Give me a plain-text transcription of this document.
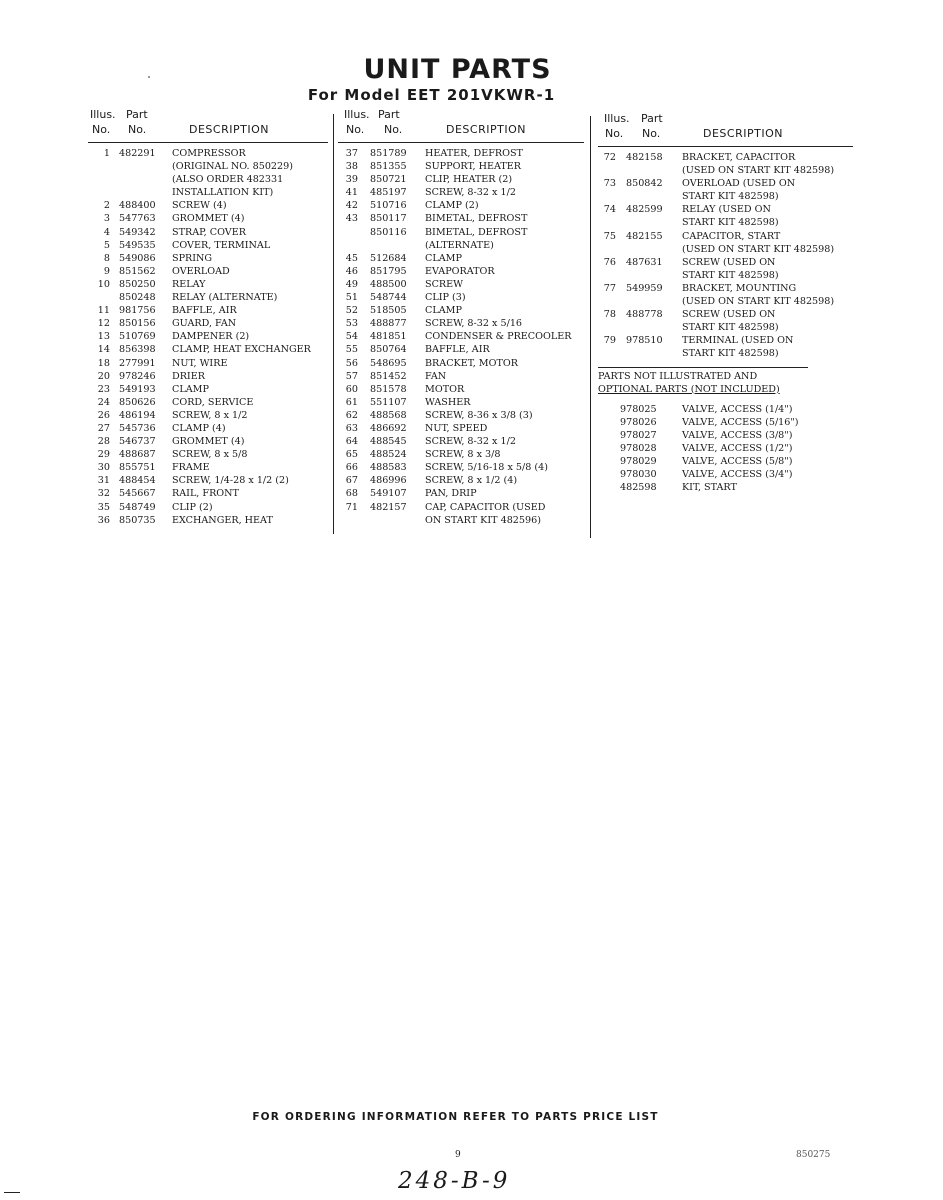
UNIT PARTS
For Model EET 201VKWR-1
Illus. Part
No. No.	DESCRIPTION
1 482291 COMPRESSOR
(ORIGINAL NO. 850229)
(ALSO ORDER 482331
INSTALLATION KIT)
2 488400 SCREW (4)
3 547763 GROMMET (4)
4 549342 STRAP, COVER
5 549535 COVER, TERMINAL
8 549086 SPRING
9 851562 OVERLOAD
10 850250 RELAY
850248 RELAY (ALTERNATE)
11 981756 BAFFLE, AIR
12 850156 GUARD, FAN
13 510769 DAMPENER (2)
14 856398 CLAMP, HEAT EXCHANGER
18 277991 NUT, WIRE
20 978246 DRIER
23 549193 CLAMP
24 850626 CORD, SERVICE
26 486194 SCREW, 8 x 1/2
27 545736 CLAMP (4)
28 546737 GROMMET (4)
29 488687 SCREW, 8 x 5/8
30 855751 FRAME
31 488454 SCREW, 1/4-28 x 1/2 (2)
32 545667 RAIL, FRONT
35 548749 CLIP (2)
36 850735 EXCHANGER, HEAT
Illus. Part
No. No.	DESCRIPTION
37 851789 HEATER, DEFROST
38 851355 SUPPORT, HEATER
39 850721 CLIP, HEATER (2)
41 485197 SCREW, 8-32 x 1/2
42 510716 CLAMP (2)
43 850117 BIMETAL, DEFROST
850116 BIMETAL, DEFROST
(ALTERNATE)
45 512684 CLAMP
46 851795 EVAPORATOR
49 488500 SCREW
51 548744 CLIP (3)
52 518505 CLAMP
53 488877 SCREW, 8-32 x 5/16
54 481851 CONDENSER & PRECOOLER
55 850764 BAFFLE, AIR
56 548695 BRACKET, MOTOR
57 851452 FAN
60 851578 MOTOR
61 551107 WASHER
62 488568 SCREW, 8-36 x 3/8 (3)
63 486692 NUT, SPEED
64 488545 SCREW, 8-32 x 1/2
65 488524 SCREW, 8 x 3/8
66 488583 SCREW, 5/16-18 x 5/8 (4)
67 486996 SCREW, 8 x 1/2 (4)
68 549107 PAN, DRIP
71 482157 CAP, CAPACITOR (USED
ON START KIT 482596)
Illus. Part
No. No.	DESCRIPTION
72 482158 BRACKET, CAPACITOR
(USED ON START KIT 482598)
73 850842 OVERLOAD (USED ON
START KIT 482598)
74 482599 RELAY (USED ON
START KIT 482598)
75 482155 CAPACITOR, START
(USED ON START KIT 482598)
76 487631 SCREW (USED ON
START KIT 482598)
77 549959 BRACKET, MOUNTING
(USED ON START KIT 482598)
78 488778 SCREW (USED ON
START KIT 482598)
79 978510 TERMINAL (USED ON
START KIT 482598)
PARTS NOT ILLUSTRATED AND
OPTIONAL PARTS (NOT INCLUDED)
978025	VALVE, ACCESS (1/4")
978026	VALVE, ACCESS (5/16")
978027	VALVE, ACCESS (3/8")
978028	VALVE, ACCESS (1/2")
978029	VALVE, ACCESS (5/8")
978030	VALVE, ACCESS (3/4")
482598	KIT, START
FOR ORDERING INFORMATION REFER TO PARTS PRICE LIST
9	850275
248-B-9
